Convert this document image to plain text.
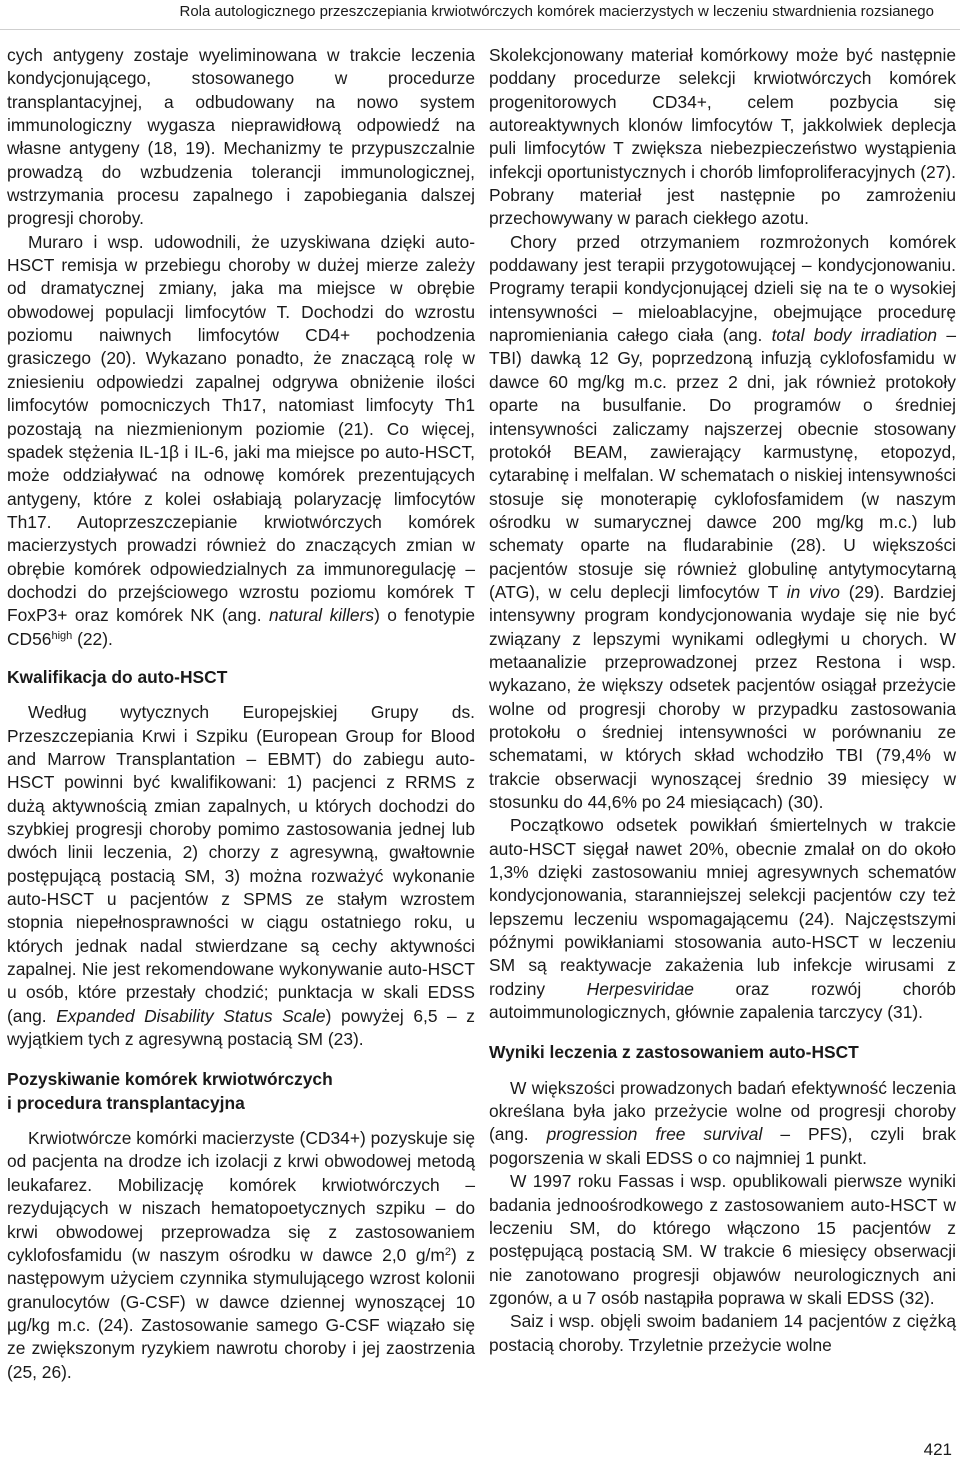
Rola autologicznego przeszczepiania krwiotwórczych komórek macierzystych w leczeniu stwardnienia rozsianego

cych antygeny zostaje wyeliminowana w trakcie leczenia kondycjonującego, stosowanego w procedurze transplantacyjnej, a odbudowany na nowo system immunologiczny wygasza nieprawidłową odpowiedź na własne antygeny (18, 19). Mechanizmy te przypuszczalnie prowadzą do wzbudzenia tolerancji immunologicznej, wstrzymania procesu zapalnego i zapobiegania dalszej progresji choroby.

Muraro i wsp. udowodnili, że uzyskiwana dzięki auto-HSCT remisja w przebiegu choroby w dużej mierze zależy od dramatycznej zmiany, jaka ma miejsce w obrębie obwodowej populacji limfocytów T. Dochodzi do wzrostu poziomu naiwnych limfocytów CD4+ pochodzenia grasiczego (20). Wykazano ponadto, że znaczącą rolę w zniesieniu odpowiedzi zapalnej odgrywa obniżenie ilości limfocytów pomocniczych Th17, natomiast limfocyty Th1 pozostają na niezmienionym poziomie (21). Co więcej, spadek stężenia IL-1β i IL-6, jaki ma miejsce po auto-HSCT, może oddziaływać na odnowę komórek prezentujących antygeny, które z kolei osłabiają polaryzację limfocytów Th17. Autoprzeszczepianie krwiotwórczych komórek macierzystych prowadzi również do znaczących zmian w obrębie komórek odpowiedzialnych za immunoregulację – dochodzi do przejściowego wzrostu poziomu komórek T FoxP3+ oraz komórek NK (ang. natural killers) o fenotypie $CD56^{high}$ (22).

Kwalifikacja do auto-HSCT

Według wytycznych Europejskiej Grupy ds. Przeszczepiania Krwi i Szpiku (European Group for Blood and Marrow Transplantation – EBMT) do zabiegu auto-HSCT powinni być kwalifikowani: 1) pacjenci z RRMS z dużą aktywnością zmian zapalnych, u których dochodzi do szybkiej progresji choroby pomimo zastosowania jednej lub dwóch linii leczenia, 2) chorzy z agresywną, gwałtownie postępującą postacią SM, 3) można rozważyć wykonanie auto-HSCT u pacjentów z SPMS ze stałym wzrostem stopnia niepełnosprawności w ciągu ostatniego roku, u których jednak nadal stwierdzane są cechy aktywności zapalnej. Nie jest rekomendowane wykonywanie auto-HSCT u osób, które przestały chodzić; punktacja w skali EDSS (ang. Expanded Disability Status Scale) powyżej 6,5 – z wyjątkiem tych z agresywną postacią SM (23).

Pozyskiwanie komórek krwiotwórczych
i procedura transplantacyjna

Krwiotwórcze komórki macierzyste (CD34+) pozyskuje się od pacjenta na drodze ich izolacji z krwi obwodowej metodą leukafarez. Mobilizację komórek krwiotwórczych – rezydujących w niszach hematopoetycznych szpiku – do krwi obwodowej przeprowadza się z zastosowaniem cyklofosfamidu (w naszym ośrodku w dawce 2,0 $g/m^2$) z następowym użyciem czynnika stymulującego wzrost kolonii granulocytów (G-CSF) w dawce dziennej wynoszącej 10 µg/kg m.c. (24). Zastosowanie samego G-CSF wiązało się ze zwiększonym ryzykiem nawrotu choroby i jej zaostrzenia (25, 26).

Skolekcjonowany materiał komórkowy może być następnie poddany procedurze selekcji krwiotwórczych komórek progenitorowych CD34+, celem pozbycia się autoreaktywnych klonów limfocytów T, jakkolwiek deplecja puli limfocytów T zwiększa niebezpieczeństwo wystąpienia infekcji oportunistycznych i chorób limfoproliferacyjnych (27). Pobrany materiał jest następnie po zamrożeniu przechowywany w parach ciekłego azotu.

Chory przed otrzymaniem rozmrożonych komórek poddawany jest terapii przygotowującej – kondycjonowaniu. Programy terapii kondycjonującej dzieli się na te o wysokiej intensywności – mieloablacyjne, obejmujące procedurę napromieniania całego ciała (ang. total body irradiation – TBI) dawką 12 Gy, poprzedzoną infuzją cyklofosfamidu w dawce 60 mg/kg m.c. przez 2 dni, jak również protokoły oparte na busulfanie. Do programów o średniej intensywności zaliczamy najszerzej obecnie stosowany protokół BEAM, zawierający karmustynę, etopozyd, cytarabinę i melfalan. W schematach o niskiej intensywności stosuje się monoterapię cyklofosfamidem (w naszym ośrodku w sumarycznej dawce 200 mg/kg m.c.) lub schematy oparte na fludarabinie (28). U większości pacjentów stosuje się również globulinę antytymocytarną (ATG), w celu deplecji limfocytów T in vivo (29). Bardziej intensywny program kondycjonowania wydaje się nie być związany z lepszymi wynikami odległymi u chorych. W metaanalizie przeprowadzonej przez Restona i wsp. wykazano, że większy odsetek pacjentów osiągał przeżycie wolne od progresji choroby w przypadku zastosowania protokołu o średniej intensywności w porównaniu ze schematami, w których skład wchodziło TBI (79,4% w trakcie obserwacji wynoszącej średnio 39 miesięcy w stosunku do 44,6% po 24 miesiącach) (30).

Początkowo odsetek powikłań śmiertelnych w trakcie auto-HSCT sięgał nawet 20%, obecnie zmalał on do około 1,3% dzięki zastosowaniu mniej agresywnych schematów kondycjonowania, staranniejszej selekcji pacjentów czy też lepszemu leczeniu wspomagającemu (24). Najczęstszymi późnymi powikłaniami stosowania auto-HSCT w leczeniu SM są reaktywacje zakażenia lub infekcje wirusami z rodziny Herpesviridae oraz rozwój chorób autoimmunologicznych, głównie zapalenia tarczycy (31).

Wyniki leczenia z zastosowaniem auto-HSCT

W większości prowadzonych badań efektywność leczenia określana była jako przeżycie wolne od progresji choroby (ang. progression free survival – PFS), czyli brak pogorszenia w skali EDSS o co najmniej 1 punkt.

W 1997 roku Fassas i wsp. opublikowali pierwsze wyniki badania jednoośrodkowego z zastosowaniem auto-HSCT w leczeniu SM, do którego włączono 15 pacjentów z postępującą postacią SM. W trakcie 6 miesięcy obserwacji nie zanotowano progresji objawów neurologicznych ani zgonów, a u 7 osób nastąpiła poprawa w skali EDSS (32).

Saiz i wsp. objęli swoim badaniem 14 pacjentów z ciężką postacią choroby. Trzyletnie przeżycie wolne

421
